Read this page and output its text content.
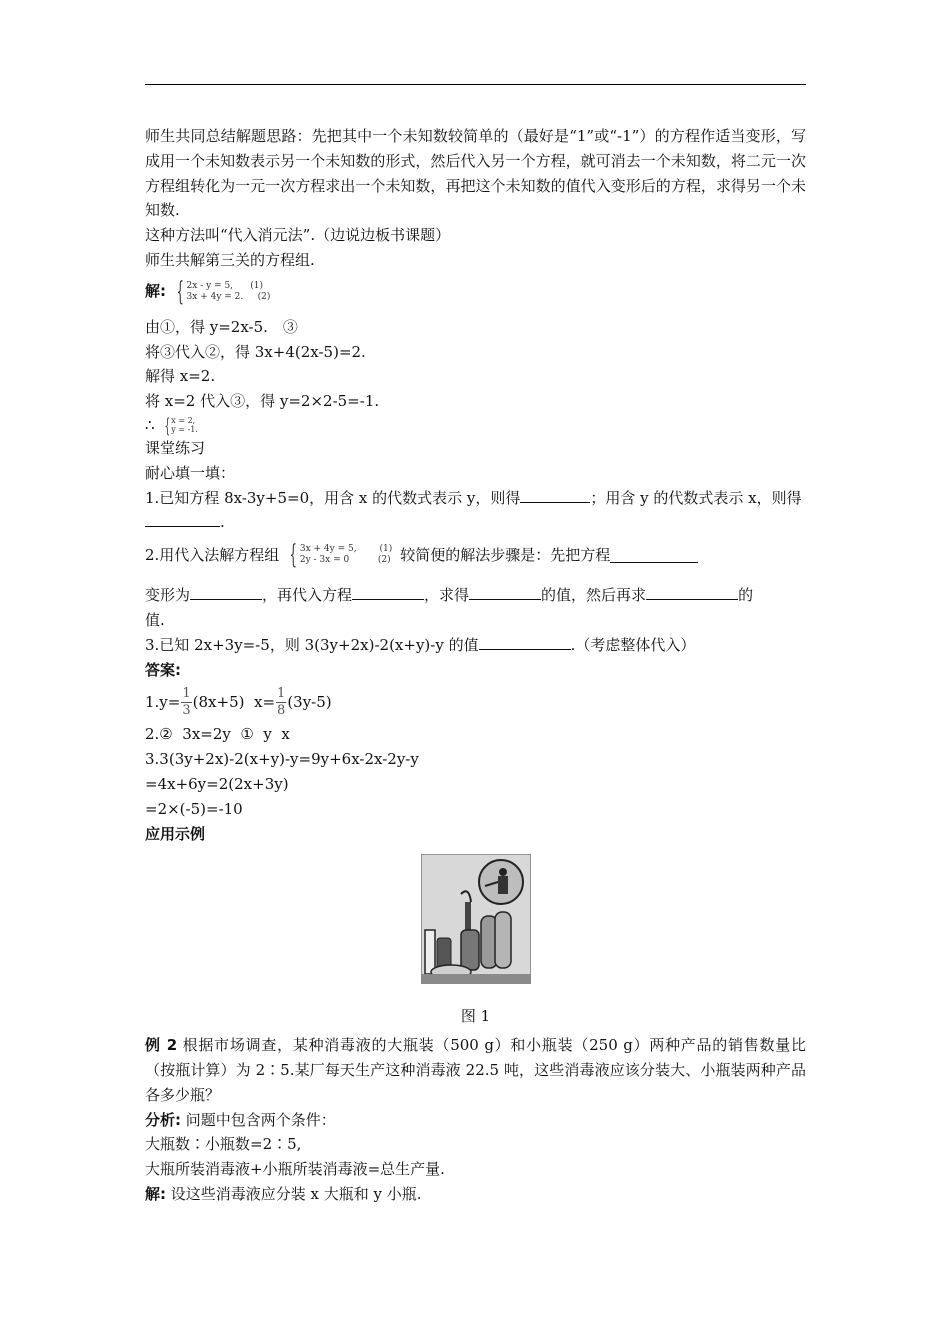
师生共同总结解题思路：先把其中一个未知数较简单的（最好是“1”或“-1”）的方程作适当变形，写成用一个未知数表示另一个未知数的形式，然后代入另一个方程，就可消去一个未知数，将二元一次方程组转化为一元一次方程求出一个未知数，再把这个未知数的值代入变形后的方程，求得另一个未知数.

这种方法叫“代入消元法”.（边说边板书课题）

师生共解第三关的方程组.

解: { 2x - y = 5, (1)
3x + 4y = 2. (2)

由①，得 y=2x-5.　③

将③代入②，得 3x+4(2x-5)=2.

解得 x=2.

将 x=2 代入③，得 y=2×2-5=-1.

∴ { x = 2,
y = -1.

课堂练习

耐心填一填：

1.已知方程 8x-3y+5=0，用含 x 的代数式表示 y，则得	；用含 y 的代数式表示 x，则得

.

2.用代入法解方程组 { 3x + 4y = 5,	(1)
2y - 3x = 0	(2) 较简便的解法步骤是：先把方程

变形为	，再代入方程	，求得	的值，然后再求	的

值.

3.已知 2x+3y=-5，则 3(3y+2x)-2(x+y)-y 的值	.（考虑整体代入）

答案:

$1.y= \frac{1}{3} (8x+5)$  $x= \frac{1}{8} (3y-5)$

2.②  3x=2y  ①  y  x

3.3(3y+2x)-2(x+y)-y=9y+6x-2x-2y-y

=4x+6y=2(2x+3y)

=2×(-5)=-10

应用示例

图 1

例 2 根据市场调查，某种消毒液的大瓶装（500 g）和小瓶装（250 g）两种产品的销售数量比（按瓶计算）为 2∶5.某厂每天生产这种消毒液 22.5 吨，这些消毒液应该分装大、小瓶装两种产品各多少瓶？

分析: 问题中包含两个条件：

大瓶数∶小瓶数=2∶5,

大瓶所装消毒液+小瓶所装消毒液=总生产量.

解: 设这些消毒液应分装 x 大瓶和 y 小瓶.
